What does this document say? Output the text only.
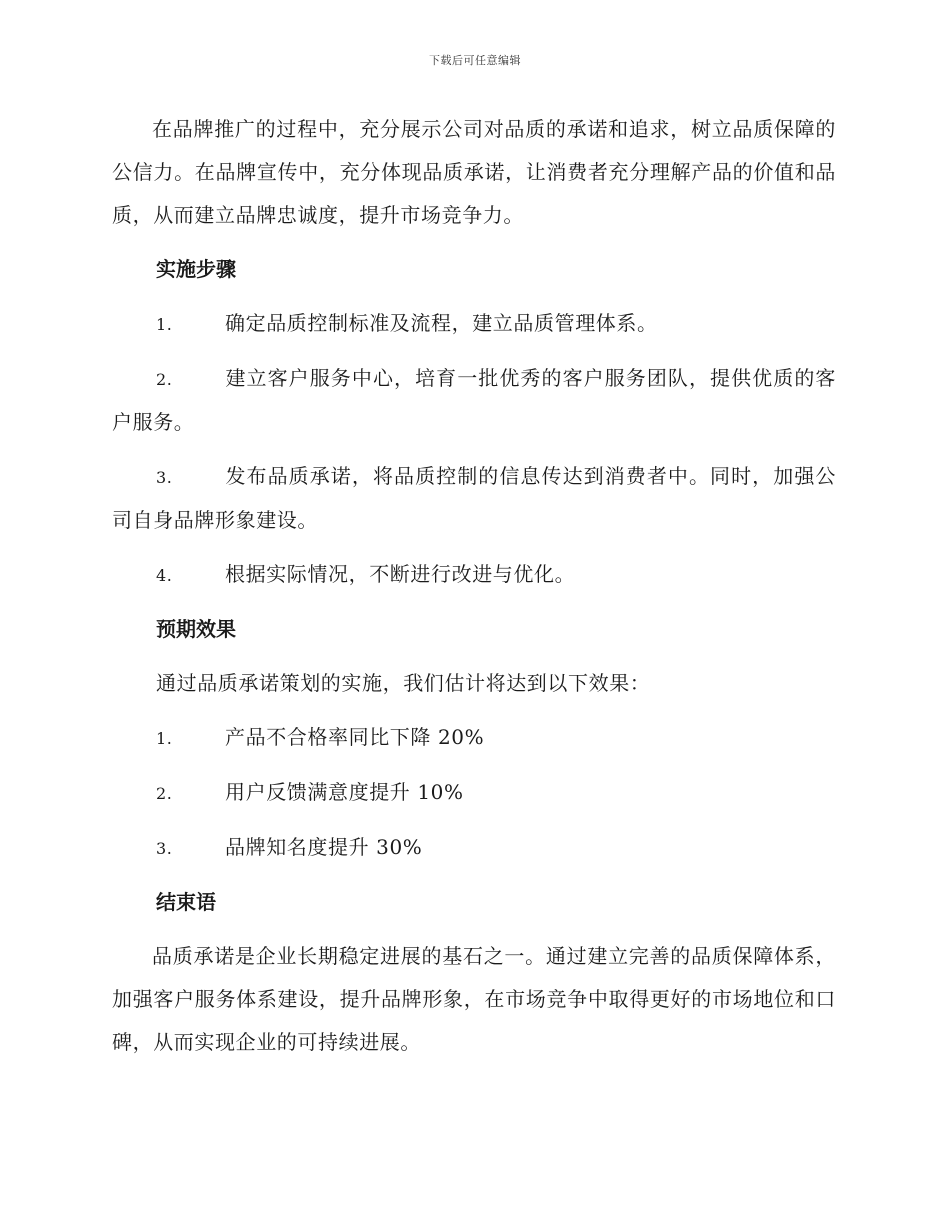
下载后可任意编辑

在品牌推广的过程中，充分展示公司对品质的承诺和追求，树立品质保障的公信力。在品牌宣传中，充分体现品质承诺，让消费者充分理解产品的价值和品质，从而建立品牌忠诚度，提升市场竞争力。

实施步骤

1.	确定品质控制标准及流程，建立品质管理体系。

2.	建立客户服务中心，培育一批优秀的客户服务团队，提供优质的客户服务。

3.	发布品质承诺，将品质控制的信息传达到消费者中。同时，加强公司自身品牌形象建设。

4.	根据实际情况，不断进行改进与优化。

预期效果

通过品质承诺策划的实施，我们估计将达到以下效果：

1.	产品不合格率同比下降 20%

2.	用户反馈满意度提升 10%

3.	品牌知名度提升 30%

结束语

品质承诺是企业长期稳定进展的基石之一。通过建立完善的品质保障体系，加强客户服务体系建设，提升品牌形象，在市场竞争中取得更好的市场地位和口碑，从而实现企业的可持续进展。
